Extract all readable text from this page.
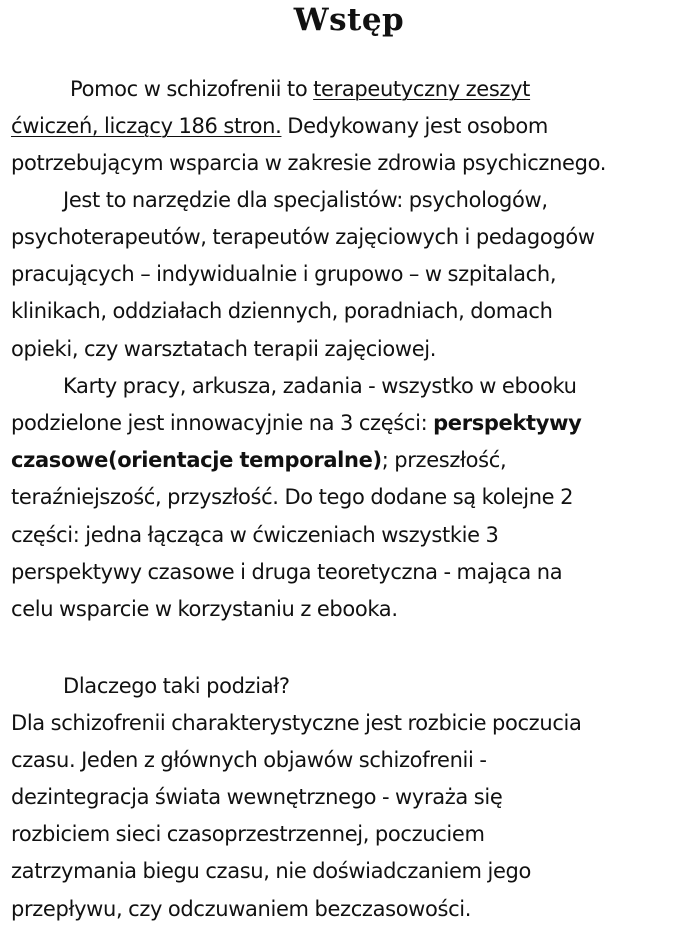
Wstęp
Pomoc w schizofrenii to terapeutyczny zeszyt
ćwiczeń, liczący 186 stron. Dedykowany jest osobom
potrzebującym wsparcia w zakresie zdrowia psychicznego.
Jest to narzędzie dla specjalistów: psychologów,
psychoterapeutów, terapeutów zajęciowych i pedagogów
pracujących – indywidualnie i grupowo – w szpitalach,
klinikach, oddziałach dziennych, poradniach, domach
opieki, czy warsztatach terapii zajęciowej.
Karty pracy, arkusza, zadania - wszystko w ebooku
podzielone jest innowacyjnie na 3 części: perspektywy
czasowe(orientacje temporalne); przeszłość,
teraźniejszość, przyszłość. Do tego dodane są kolejne 2
części: jedna łącząca w ćwiczeniach wszystkie 3
perspektywy czasowe i druga teoretyczna - mająca na
celu wsparcie w korzystaniu z ebooka.
Dlaczego taki podział?
Dla schizofrenii charakterystyczne jest rozbicie poczucia
czasu. Jeden z głównych objawów schizofrenii -
dezintegracja świata wewnętrznego - wyraża się
rozbiciem sieci czasoprzestrzennej, poczuciem
zatrzymania biegu czasu, nie doświadczaniem jego
przepływu, czy odczuwaniem bezczasowości.
